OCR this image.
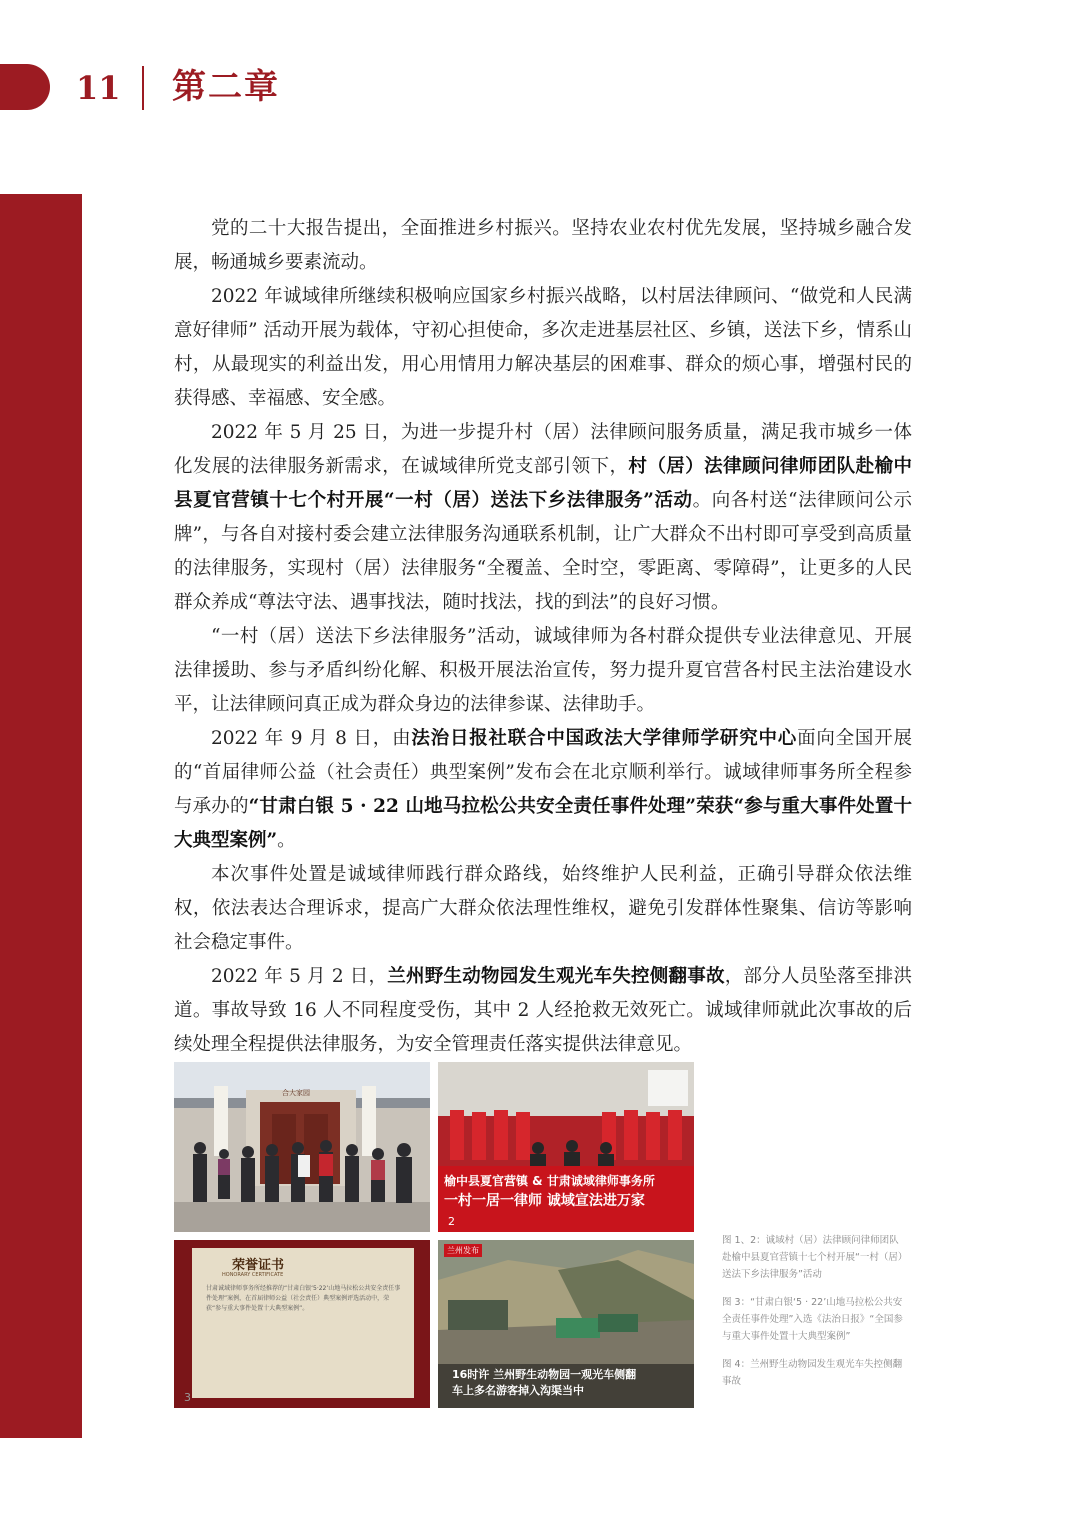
11 第二章

党的二十大报告提出，全面推进乡村振兴。坚持农业农村优先发展，坚持城乡融合发展，畅通城乡要素流动。

2022 年诚域律所继续积极响应国家乡村振兴战略，以村居法律顾问、“做党和人民满意好律师” 活动开展为载体，守初心担使命，多次走进基层社区、乡镇，送法下乡，情系山村，从最现实的利益出发，用心用情用力解决基层的困难事、群众的烦心事，增强村民的获得感、幸福感、安全感。

2022 年 5 月 25 日，为进一步提升村（居）法律顾问服务质量，满足我市城乡一体化发展的法律服务新需求，在诚域律所党支部引领下，村（居）法律顾问律师团队赴榆中县夏官营镇十七个村开展“一村（居）送法下乡法律服务”活动。向各村送“法律顾问公示牌”，与各自对接村委会建立法律服务沟通联系机制，让广大群众不出村即可享受到高质量的法律服务，实现村（居）法律服务“全覆盖、全时空，零距离、零障碍”，让更多的人民群众养成“尊法守法、遇事找法，随时找法，找的到法”的良好习惯。

“一村（居）送法下乡法律服务”活动，诚域律师为各村群众提供专业法律意见、开展法律援助、参与矛盾纠纷化解、积极开展法治宣传，努力提升夏官营各村民主法治建设水平，让法律顾问真正成为群众身边的法律参谋、法律助手。

2022 年 9 月 8 日，由法治日报社联合中国政法大学律师学研究中心面向全国开展的“首届律师公益（社会责任）典型案例”发布会在北京顺利举行。诚域律师事务所全程参与承办的“甘肃白银 5 · 22 山地马拉松公共安全责任事件处理”荣获“参与重大事件处置十大典型案例”。

本次事件处置是诚域律师践行群众路线，始终维护人民利益，正确引导群众依法维权，依法表达合理诉求，提高广大群众依法理性维权，避免引发群体性聚集、信访等影响社会稳定事件。

2022 年 5 月 2 日，兰州野生动物园发生观光车失控侧翻事故，部分人员坠落至排洪道。事故导致 16 人不同程度受伤，其中 2 人经抢救无效死亡。诚域律师就此次事故的后续处理全程提供法律服务，为安全管理责任落实提供法律意见。

合大家园
榆中县夏官营镇 & 甘肃诚域律师事务所
一村一居一律师 诚域宣法进万家
2
荣誉证书
HONORARY CERTIFICATE
甘肃诚域律师事务所经推荐的“甘肃白银‘5·22’山地马拉松公共安全责任事件处理”案例，在首届律师公益（社会责任）典型案例评选活动中，荣获“参与重大事件处置十大典型案例”。
3
兰州发布
16时许 兰州野生动物园一观光车侧翻
车上多名游客掉入沟渠当中

图 1、2：诚域村（居）法律顾问律师团队赴榆中县夏官营镇十七个村开展“一村（居）送法下乡法律服务”活动

图 3：“甘肃白银‘5 · 22’山地马拉松公共安全责任事件处理”入选《法治日报》“全国参与重大事件处置十大典型案例”

图 4：兰州野生动物园发生观光车失控侧翻事故
